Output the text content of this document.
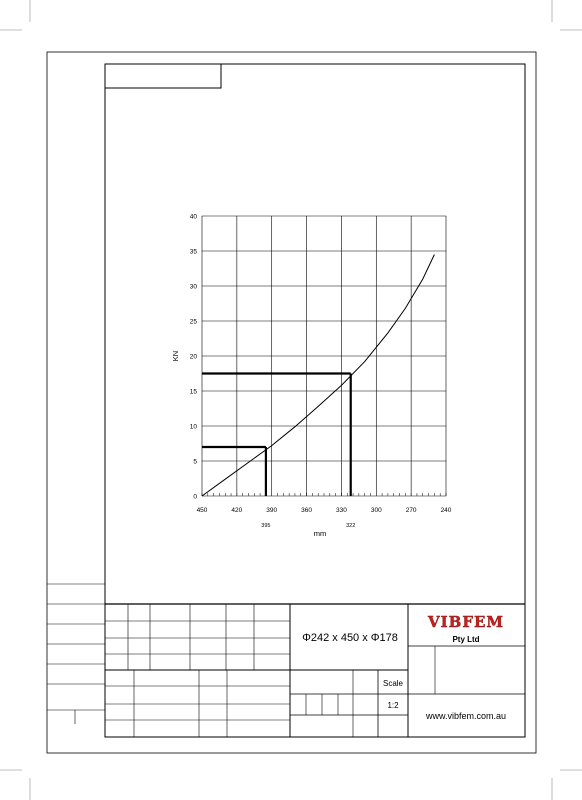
450	420	390	360	330	300	270	240
0
5
10
15
20
25
30
35
40
mm
KN
395	322
Φ242 x 450 x Φ178
VIBFEM
Pty Ltd
Scale
1:2
www.vibfem.com.au
